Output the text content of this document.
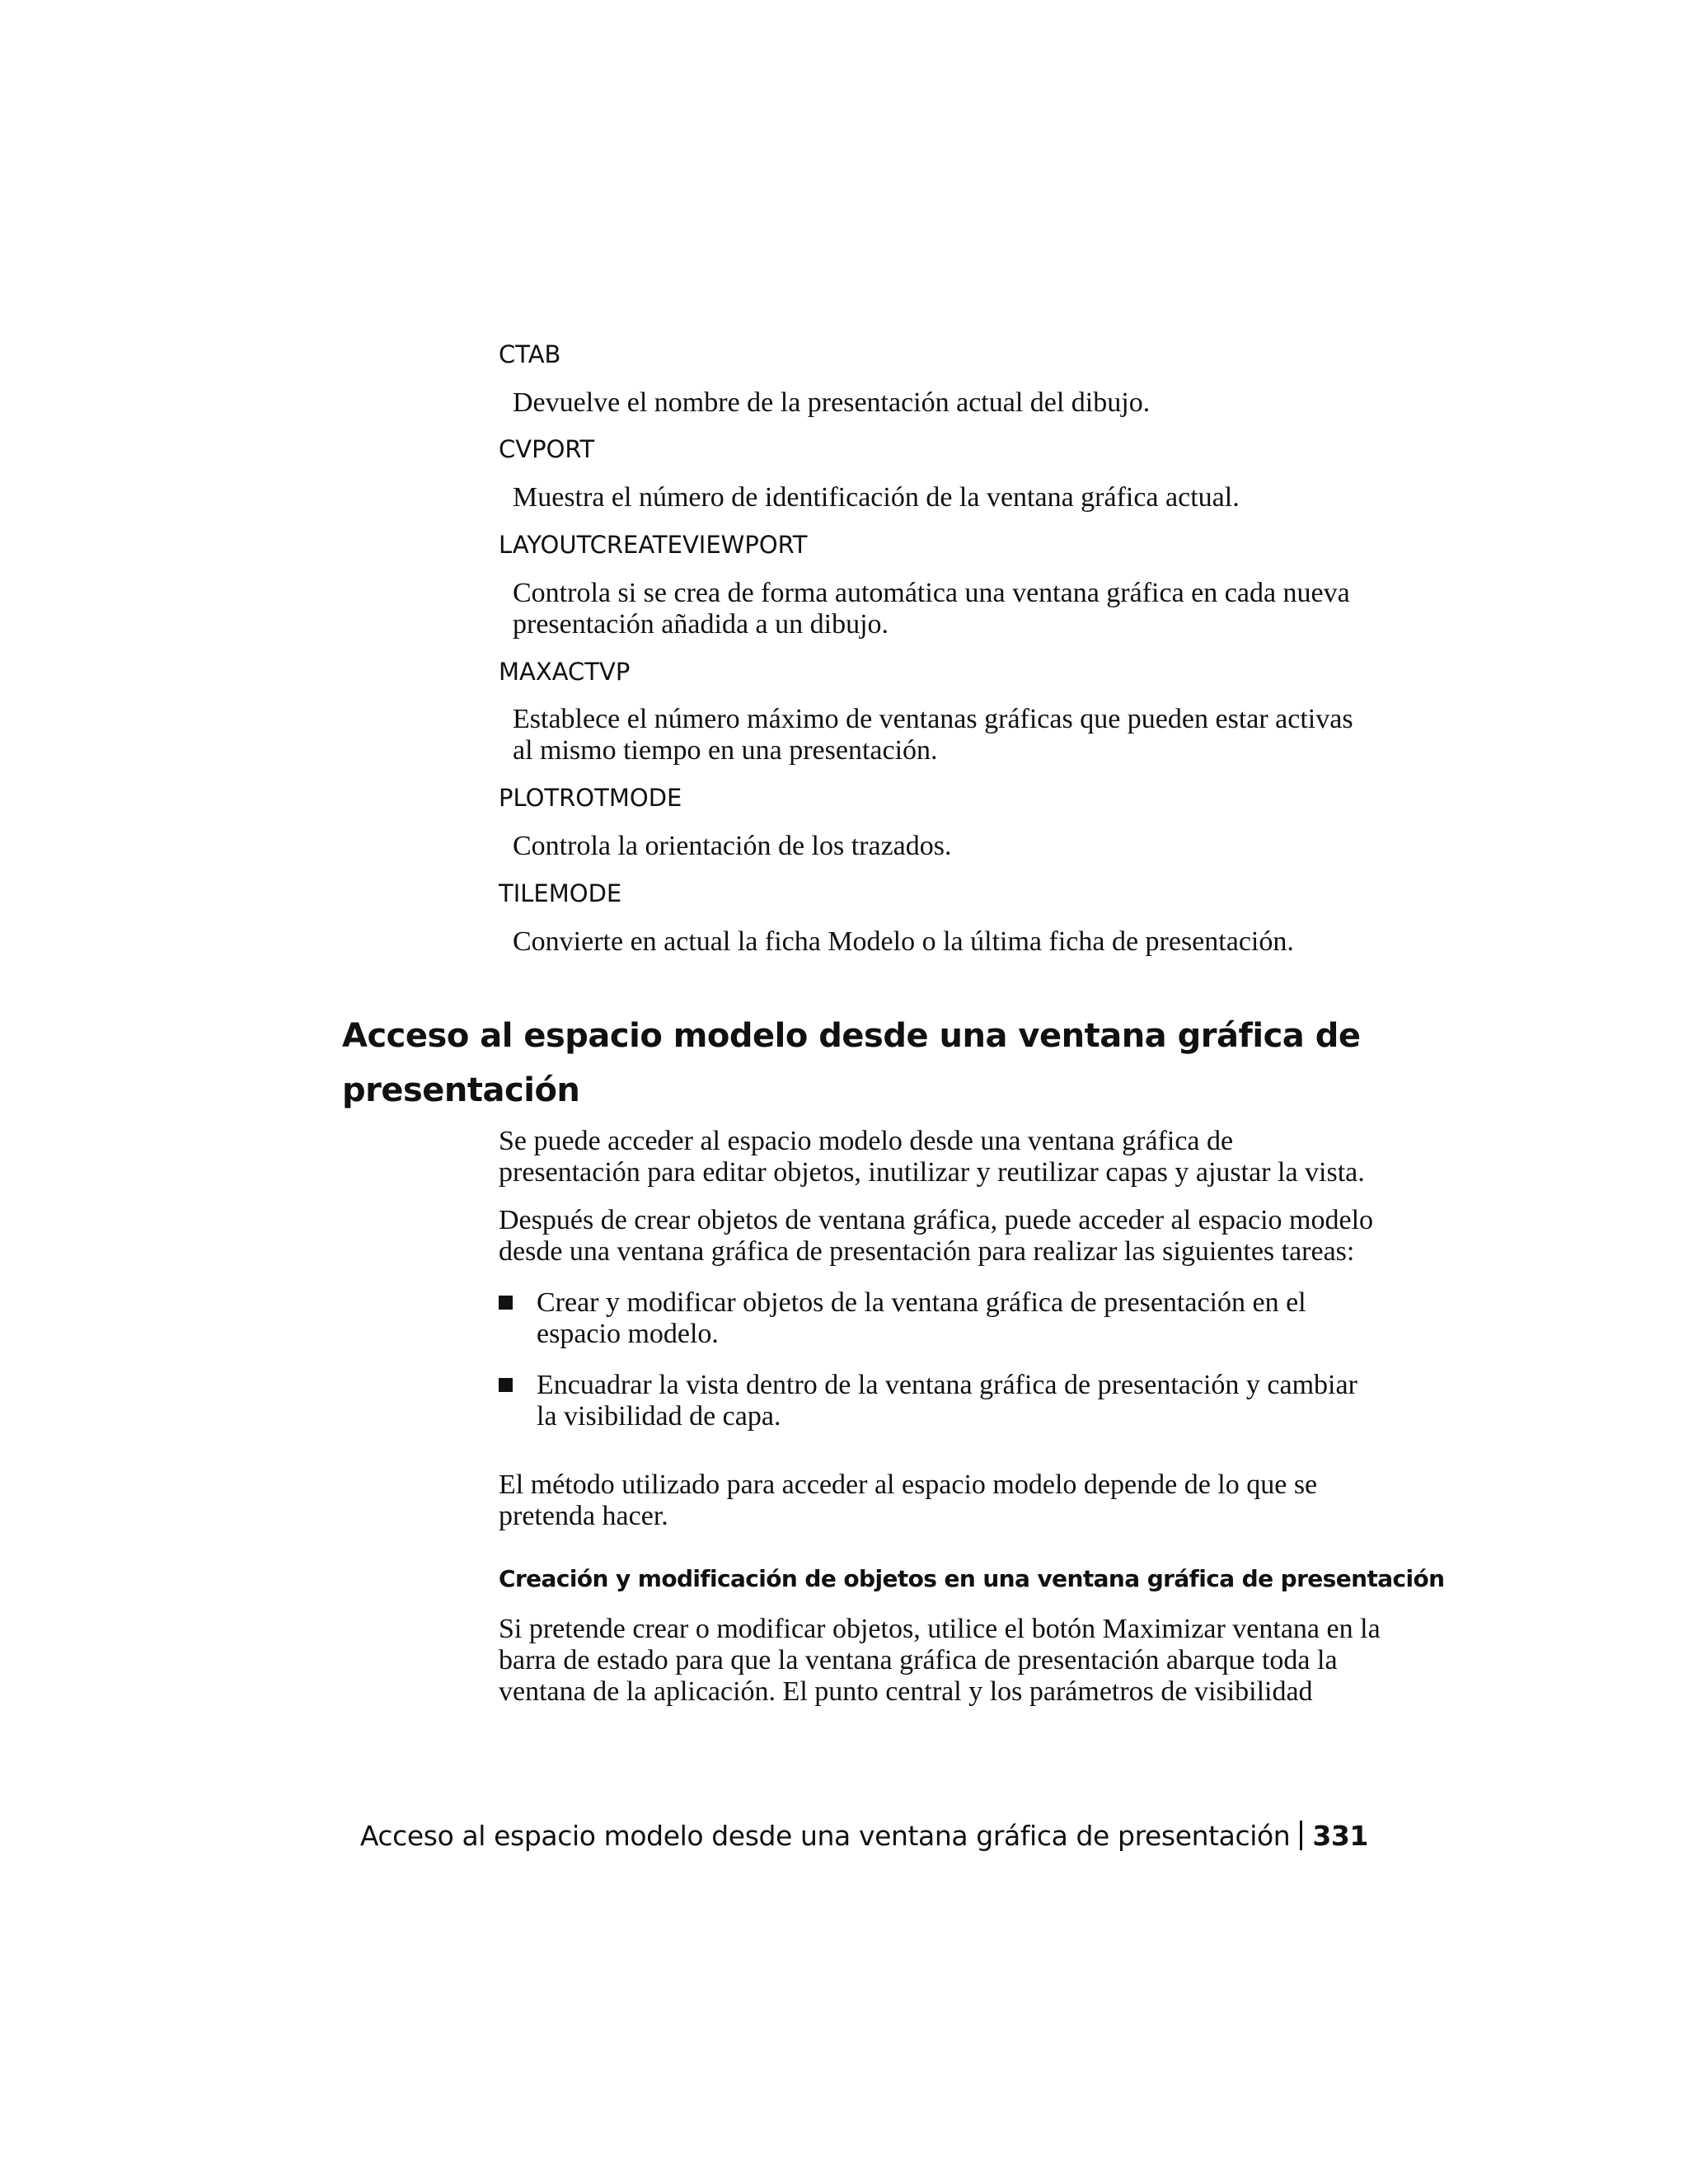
CTAB
Devuelve el nombre de la presentación actual del dibujo.
CVPORT
Muestra el número de identificación de la ventana gráfica actual.
LAYOUTCREATEVIEWPORT
Controla si se crea de forma automática una ventana gráfica en cada nueva presentación añadida a un dibujo.
MAXACTVP
Establece el número máximo de ventanas gráficas que pueden estar activas al mismo tiempo en una presentación.
PLOTROTMODE
Controla la orientación de los trazados.
TILEMODE
Convierte en actual la ficha Modelo o la última ficha de presentación.
Acceso al espacio modelo desde una ventana gráfica de presentación
Se puede acceder al espacio modelo desde una ventana gráfica de presentación para editar objetos, inutilizar y reutilizar capas y ajustar la vista.
Después de crear objetos de ventana gráfica, puede acceder al espacio modelo desde una ventana gráfica de presentación para realizar las siguientes tareas:
Crear y modificar objetos de la ventana gráfica de presentación en el espacio modelo.
Encuadrar la vista dentro de la ventana gráfica de presentación y cambiar la visibilidad de capa.
El método utilizado para acceder al espacio modelo depende de lo que se pretenda hacer.
Creación y modificación de objetos en una ventana gráfica de presentación
Si pretende crear o modificar objetos, utilice el botón Maximizar ventana en la barra de estado para que la ventana gráfica de presentación abarque toda la ventana de la aplicación. El punto central y los parámetros de visibilidad
Acceso al espacio modelo desde una ventana gráfica de presentación 331
